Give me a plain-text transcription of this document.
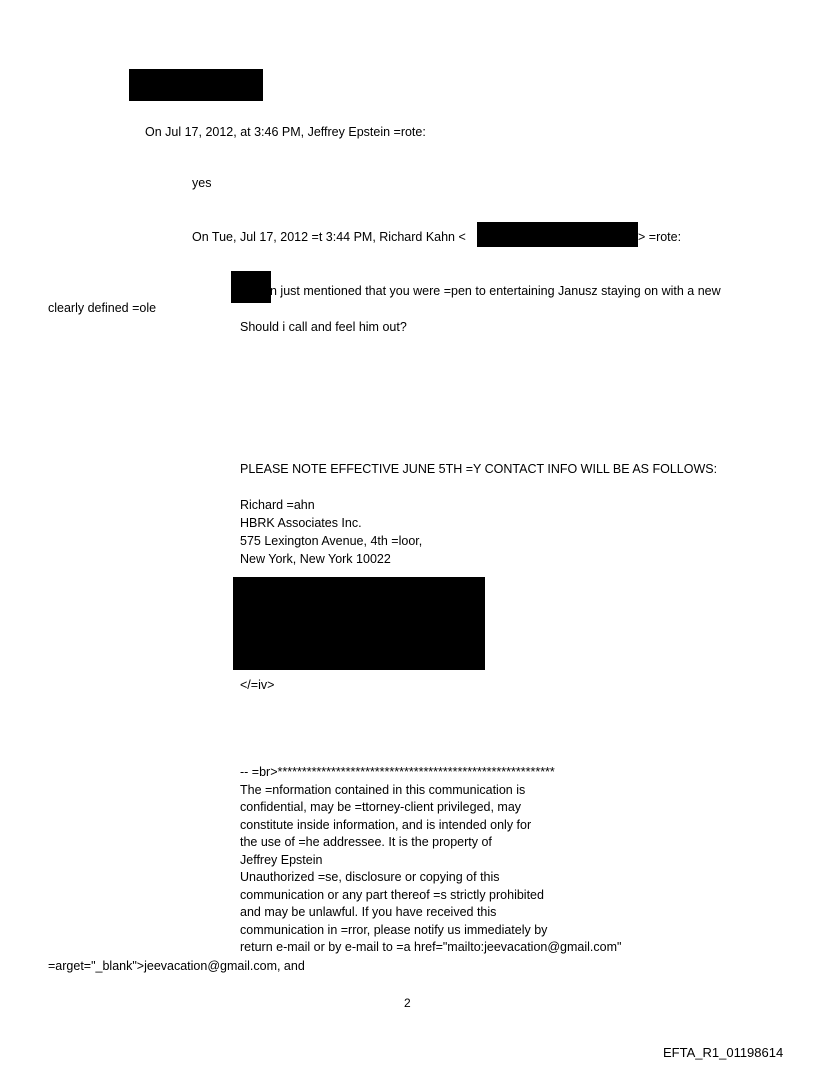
On Jul 17, 2012, at 3:46 PM, Jeffrey Epstein =rote:
yes
On Tue, Jul 17, 2012 =t 3:44 PM, Richard Kahn <	> =rote:
n just mentioned that you were =pen to entertaining Janusz staying on with a new
clearly defined =ole
Should i call and feel him out?
PLEASE NOTE EFFECTIVE JUNE 5TH =Y CONTACT INFO WILL BE AS FOLLOWS:
Richard =ahn
HBRK Associates Inc.
575 Lexington Avenue, 4th =loor,
New York, New York 10022
</=iv>
-- =br>*********************************************************
The =nformation contained in this communication is
confidential, may be =ttorney-client privileged, may
constitute inside information, and is intended only for
the use of =he addressee. It is the property of
Jeffrey Epstein
Unauthorized =se, disclosure or copying of this
communication or any part thereof =s strictly prohibited
and may be unlawful. If you have received this
communication in =rror, please notify us immediately by
return e-mail or by e-mail to =a href="mailto:jeevacation@gmail.com"
=arget="_blank">jeevacation@gmail.com, and
2
EFTA_R1_01198614
